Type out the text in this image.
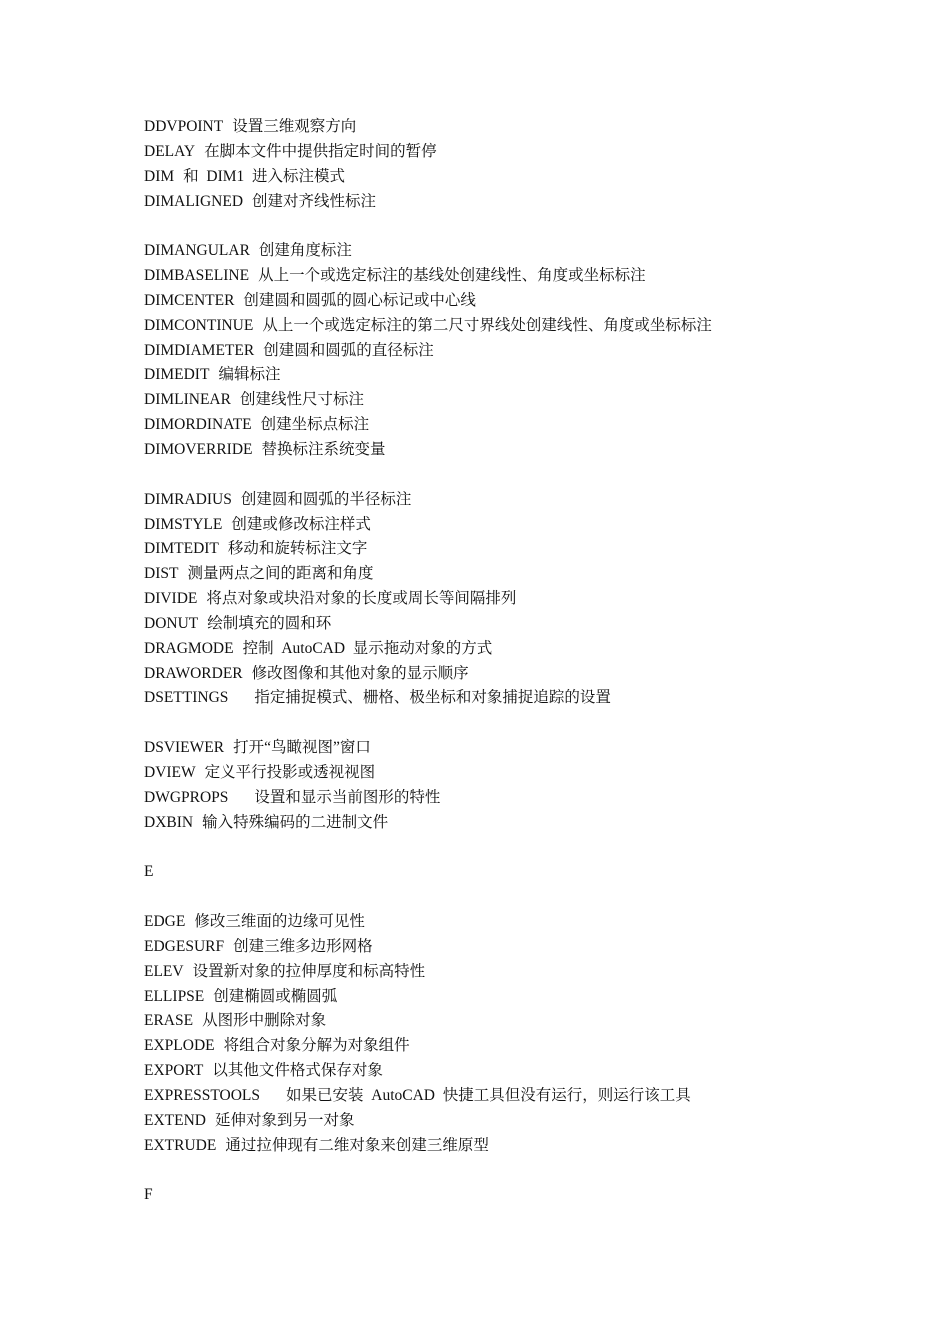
DDVPOINT 设置三维观察方向
DELAY 在脚本文件中提供指定时间的暂停
DIM 和  DIM1  进入标注模式
DIMALIGNED 创建对齐线性标注
DIMANGULAR 创建角度标注
DIMBASELINE 从上一个或选定标注的基线处创建线性、角度或坐标标注
DIMCENTER 创建圆和圆弧的圆心标记或中心线
DIMCONTINUE 从上一个或选定标注的第二尺寸界线处创建线性、角度或坐标标注
DIMDIAMETER 创建圆和圆弧的直径标注
DIMEDIT 编辑标注
DIMLINEAR 创建线性尺寸标注
DIMORDINATE 创建坐标点标注
DIMOVERRIDE 替换标注系统变量
DIMRADIUS 创建圆和圆弧的半径标注
DIMSTYLE 创建或修改标注样式
DIMTEDIT 移动和旋转标注文字
DIST 测量两点之间的距离和角度
DIVIDE 将点对象或块沿对象的长度或周长等间隔排列
DONUT 绘制填充的圆和环
DRAGMODE 控制  AutoCAD  显示拖动对象的方式
DRAWORDER 修改图像和其他对象的显示顺序
DSETTINGS 指定捕捉模式、栅格、极坐标和对象捕捉追踪的设置
DSVIEWER 打开“鸟瞰视图”窗口
DVIEW 定义平行投影或透视视图
DWGPROPS 设置和显示当前图形的特性
DXBIN 输入特殊编码的二进制文件
E
EDGE 修改三维面的边缘可见性
EDGESURF 创建三维多边形网格
ELEV 设置新对象的拉伸厚度和标高特性
ELLIPSE 创建椭圆或椭圆弧
ERASE 从图形中删除对象
EXPLODE 将组合对象分解为对象组件
EXPORT 以其他文件格式保存对象
EXPRESSTOOLS 如果已安装  AutoCAD  快捷工具但没有运行，则运行该工具
EXTEND 延伸对象到另一对象
EXTRUDE 通过拉伸现有二维对象来创建三维原型
F
